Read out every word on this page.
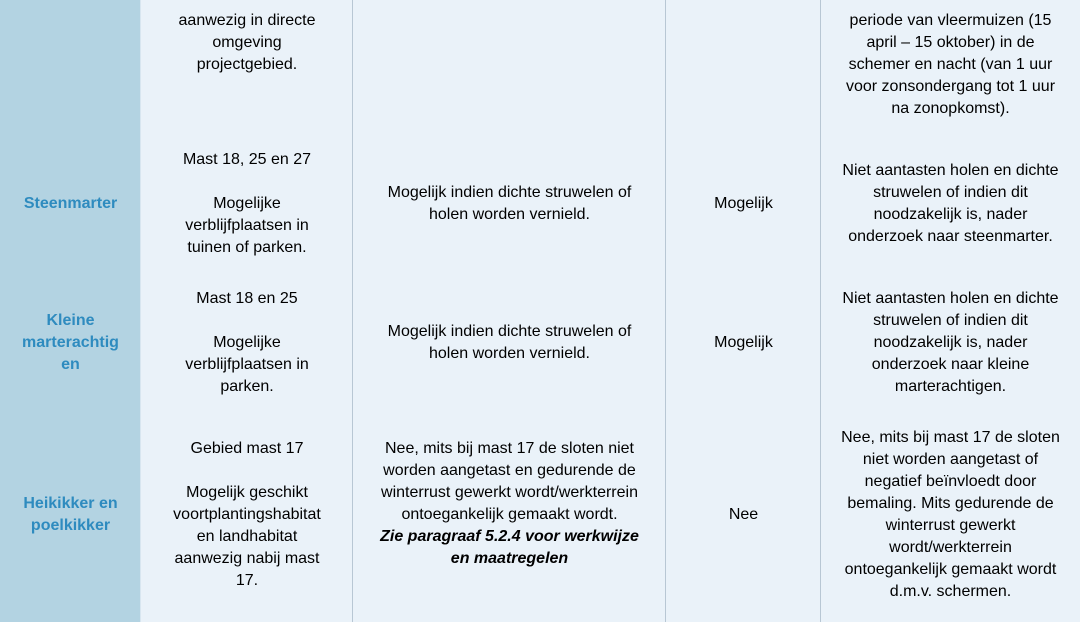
aanwezig in directe
omgeving
projectgebied.
periode van vleermuizen (15
april – 15 oktober) in de
schemer en nacht (van 1 uur
voor zonsondergang tot 1 uur
na zonopkomst).
Steenmarter
Mast 18, 25 en 27

Mogelijke
verblijfplaatsen in
tuinen of parken.
Mogelijk indien dichte struwelen of
holen worden vernield.
Mogelijk
Niet aantasten holen en dichte
struwelen of indien dit
noodzakelijk is, nader
onderzoek naar steenmarter.
Kleine
marterachtig
en
Mast 18 en 25

Mogelijke
verblijfplaatsen in
parken.
Mogelijk indien dichte struwelen of
holen worden vernield.
Mogelijk
Niet aantasten holen en dichte
struwelen of indien dit
noodzakelijk is, nader
onderzoek naar kleine
marterachtigen.
Heikikker en
poelkikker
Gebied mast 17

Mogelijk geschikt
voortplantingshabitat
en landhabitat
aanwezig nabij mast
17.
Nee, mits bij mast 17 de sloten niet
worden aangetast en gedurende de
winterrust gewerkt wordt/werkterrein
ontoegankelijk gemaakt wordt.
Zie paragraaf 5.2.4 voor werkwijze
en maatregelen
Nee
Nee, mits bij mast 17 de sloten
niet worden aangetast of
negatief beïnvloedt door
bemaling. Mits gedurende de
winterrust gewerkt
wordt/werkterrein
ontoegankelijk gemaakt wordt
d.m.v. schermen.
